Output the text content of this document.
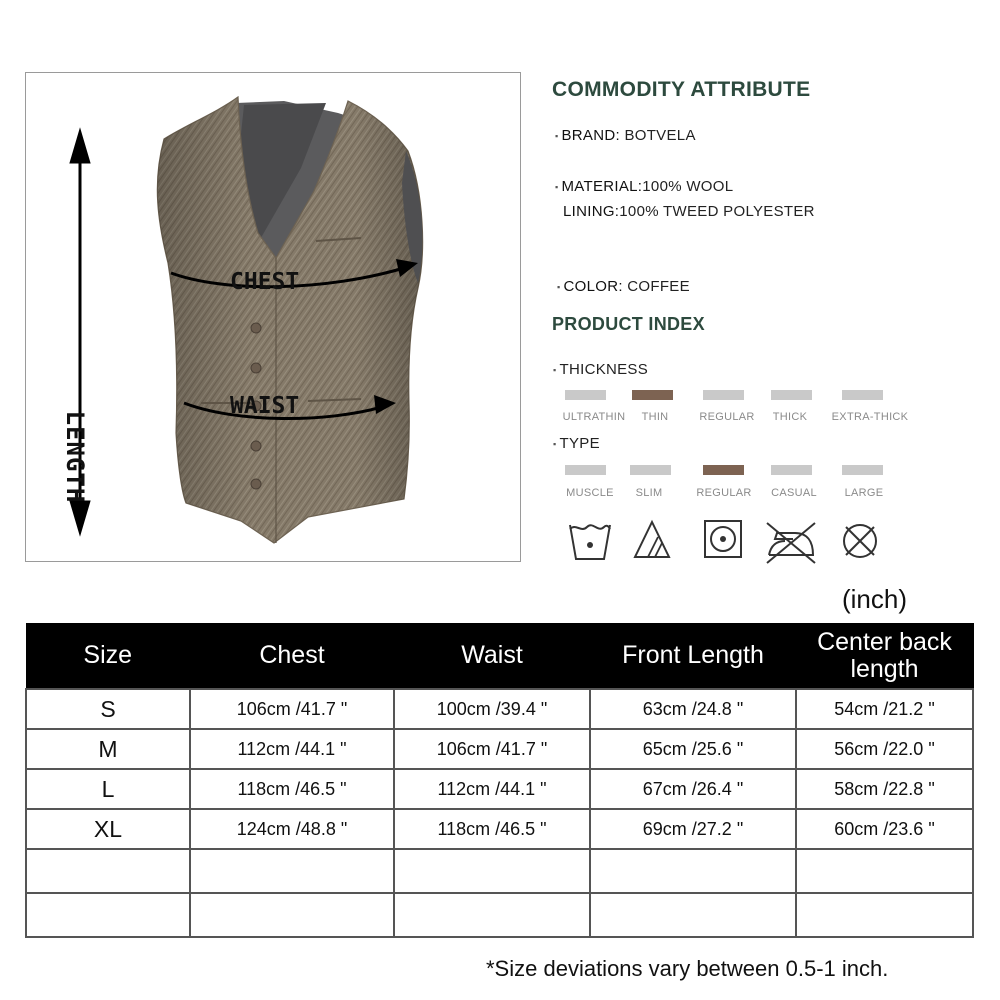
LENGTH
CHEST
WAIST
COMMODITY ATTRIBUTE
▪ BRAND: BOTVELA
▪ MATERIAL:100% WOOL
LINING:100% TWEED POLYESTER
▪ COLOR: COFFEE
PRODUCT INDEX
▪ THICKNESS
ULTRATHIN	THIN	REGULAR	THICK	EXTRA-THICK
▪ TYPE
MUSCLE	SLIM	REGULAR	CASUAL	LARGE
(inch)
Size	Chest	Waist	Front Length	Center back length
S	106cm /41.7 "	100cm /39.4 "	63cm /24.8 "	54cm /21.2 "
M	112cm /44.1 "	106cm /41.7 "	65cm /25.6 "	56cm /22.0 "
L	118cm /46.5 "	112cm /44.1 "	67cm /26.4 "	58cm /22.8 "
XL	124cm /48.8 "	118cm /46.5 "	69cm /27.2 "	60cm /23.6 "

*Size deviations vary between 0.5-1 inch.
